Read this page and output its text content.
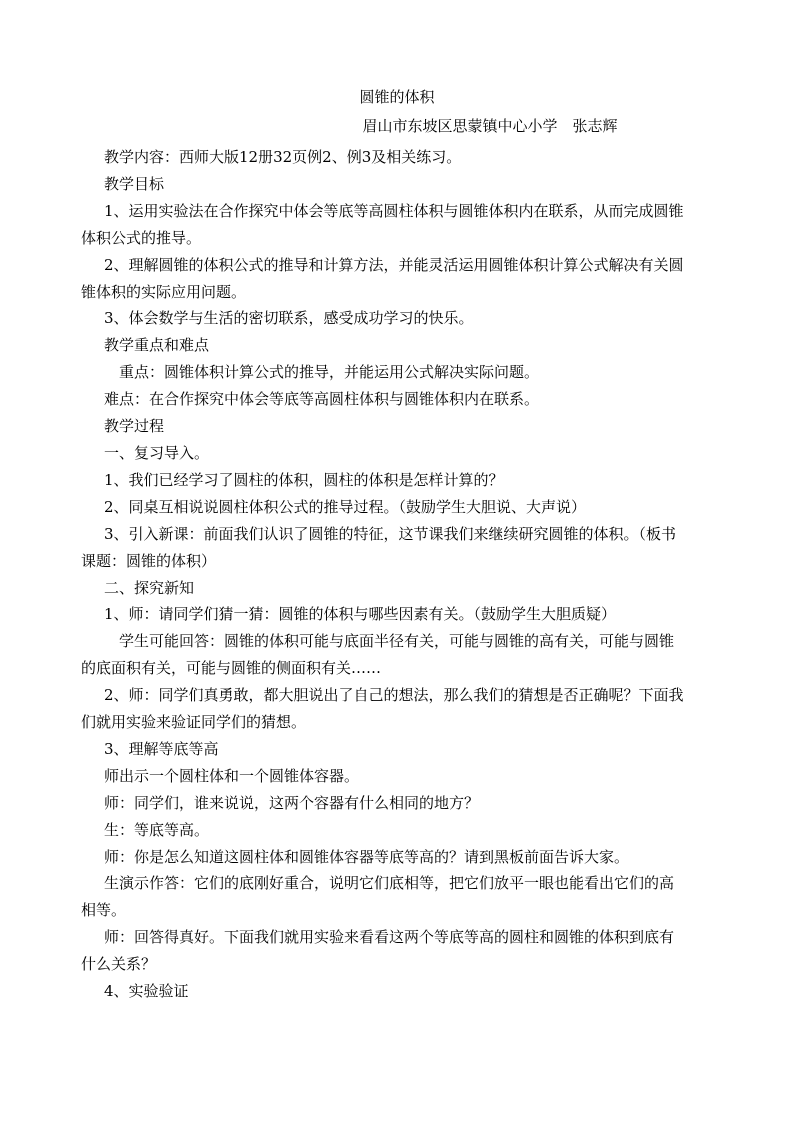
圆锥的体积
眉山市东坡区思蒙镇中心小学　张志辉

教学内容：西师大版12册32页例2、例3及相关练习。

教学目标

1、运用实验法在合作探究中体会等底等高圆柱体积与圆锥体积内在联系，从而完成圆锥

体积公式的推导。

2、理解圆锥的体积公式的推导和计算方法，并能灵活运用圆锥体积计算公式解决有关圆

锥体积的实际应用问题。

3、体会数学与生活的密切联系，感受成功学习的快乐。

教学重点和难点

重点：圆锥体积计算公式的推导，并能运用公式解决实际问题。

难点：在合作探究中体会等底等高圆柱体积与圆锥体积内在联系。

教学过程

一、复习导入。

1、我们已经学习了圆柱的体积，圆柱的体积是怎样计算的？

2、同桌互相说说圆柱体积公式的推导过程。（鼓励学生大胆说、大声说）

3、引入新课：前面我们认识了圆锥的特征，这节课我们来继续研究圆锥的体积。（板书

课题：圆锥的体积）

二、探究新知

1、师：请同学们猜一猜：圆锥的体积与哪些因素有关。（鼓励学生大胆质疑）

学生可能回答：圆锥的体积可能与底面半径有关，可能与圆锥的高有关，可能与圆锥

的底面积有关，可能与圆锥的侧面积有关……

2、师：同学们真勇敢，都大胆说出了自己的想法，那么我们的猜想是否正确呢？下面我

们就用实验来验证同学们的猜想。

3、理解等底等高

师出示一个圆柱体和一个圆锥体容器。

师：同学们，谁来说说，这两个容器有什么相同的地方？

生：等底等高。

师：你是怎么知道这圆柱体和圆锥体容器等底等高的？请到黑板前面告诉大家。

生演示作答：它们的底刚好重合，说明它们底相等，把它们放平一眼也能看出它们的高

相等。

师：回答得真好。下面我们就用实验来看看这两个等底等高的圆柱和圆锥的体积到底有

什么关系？

4、实验验证
